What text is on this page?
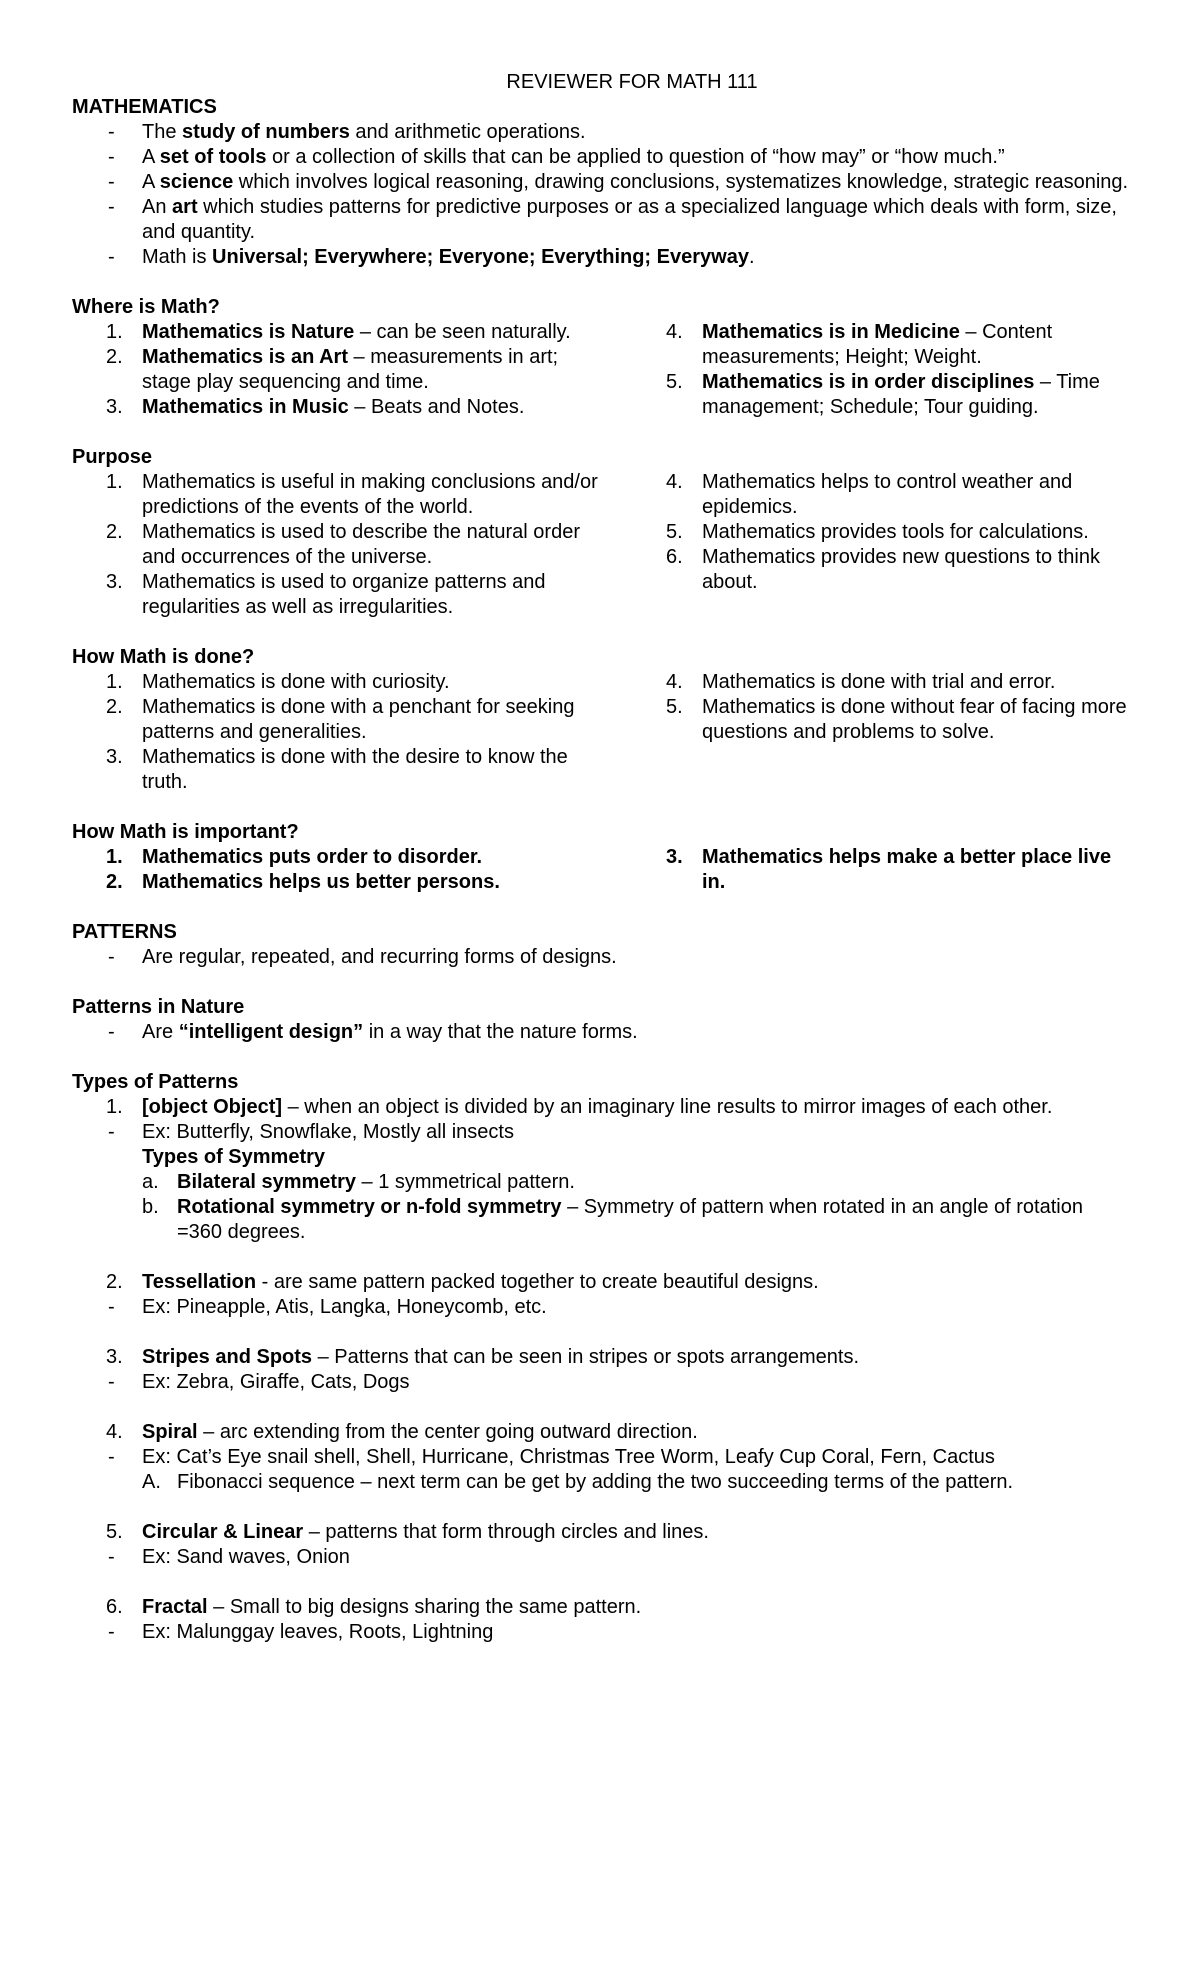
REVIEWER FOR MATH 111
MATHEMATICS
-	The study of numbers and arithmetic operations.
-	A set of tools or a collection of skills that can be applied to question of “how may” or “how much.”
-	A science which involves logical reasoning, drawing conclusions, systematizes knowledge, strategic reasoning.
-	An art which studies patterns for predictive purposes or as a specialized language which deals with form, size, and quantity.
-	Math is Universal; Everywhere; Everyone; Everything; Everyway.
Where is Math?
1. Mathematics is Nature – can be seen naturally.
2. Mathematics is an Art – measurements in art; stage play sequencing and time.
3. Mathematics in Music – Beats and Notes.
4. Mathematics is in Medicine – Content measurements; Height; Weight.
5. Mathematics is in order disciplines – Time management; Schedule; Tour guiding.
Purpose
1. Mathematics is useful in making conclusions and/or predictions of the events of the world.
2. Mathematics is used to describe the natural order and occurrences of the universe.
3. Mathematics is used to organize patterns and regularities as well as irregularities.
4. Mathematics helps to control weather and epidemics.
5. Mathematics provides tools for calculations.
6. Mathematics provides new questions to think about.
How Math is done?
1. Mathematics is done with curiosity.
2. Mathematics is done with a penchant for seeking patterns and generalities.
3. Mathematics is done with the desire to know the truth.
4. Mathematics is done with trial and error.
5. Mathematics is done without fear of facing more questions and problems to solve.
How Math is important?
1. Mathematics puts order to disorder.
2. Mathematics helps us better persons.
3. Mathematics helps make a better place live in.
PATTERNS
-	Are regular, repeated, and recurring forms of designs.
Patterns in Nature
-	Are “intelligent design” in a way that the nature forms.
Types of Patterns
1. [object Object] – when an object is divided by an imaginary line results to mirror images of each other.
-	Ex: Butterfly, Snowflake, Mostly all insects
Types of Symmetry
a. Bilateral symmetry – 1 symmetrical pattern.
b. Rotational symmetry or n-fold symmetry – Symmetry of pattern when rotated in an angle of rotation =360 degrees.
2. Tessellation - are same pattern packed together to create beautiful designs.
-	Ex: Pineapple, Atis, Langka, Honeycomb, etc.
3. Stripes and Spots – Patterns that can be seen in stripes or spots arrangements.
-	Ex: Zebra, Giraffe, Cats, Dogs
4. Spiral – arc extending from the center going outward direction.
-	Ex: Cat’s Eye snail shell, Shell, Hurricane, Christmas Tree Worm, Leafy Cup Coral, Fern, Cactus
A. Fibonacci sequence – next term can be get by adding the two succeeding terms of the pattern.
5. Circular & Linear – patterns that form through circles and lines.
-	Ex: Sand waves, Onion
6. Fractal – Small to big designs sharing the same pattern.
-	Ex: Malunggay leaves, Roots, Lightning
